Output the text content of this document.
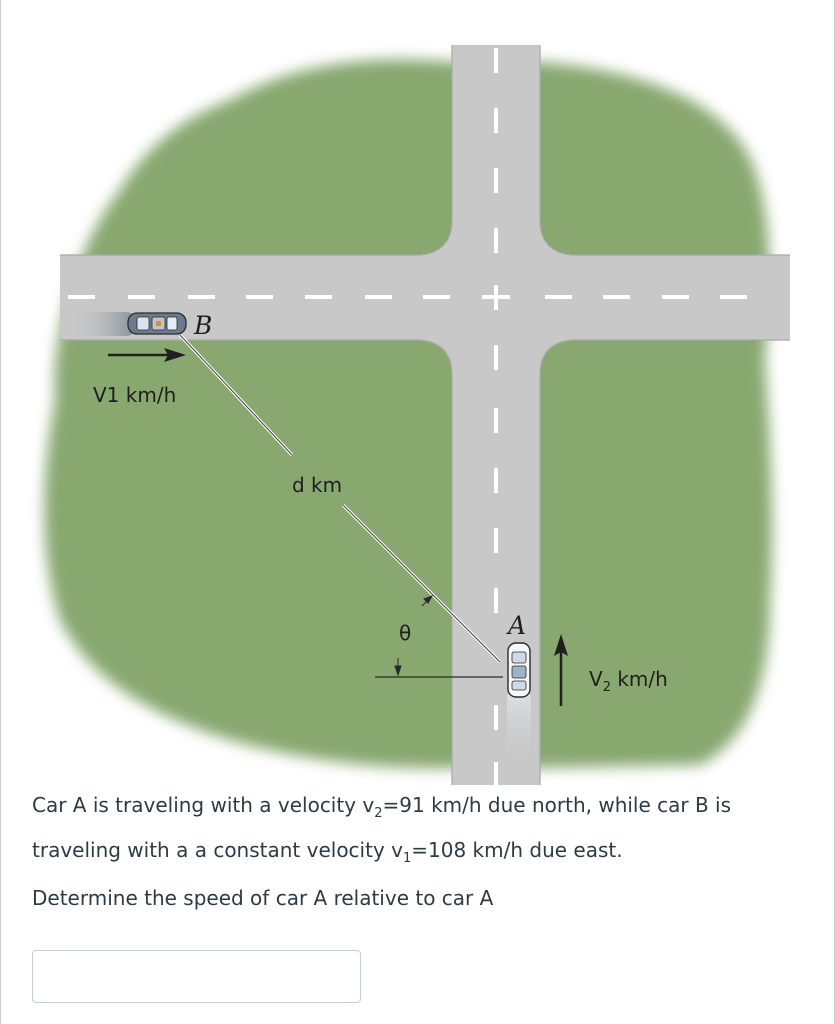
B
V1 km/h
d km
θ	A
$V_2$ km/h
Car A is traveling with a velocity $v_2=91$ km/h due north, while car B is traveling with a a constant velocity $v_1=108$ km/h due east.
Determine the speed of car A relative to car A
